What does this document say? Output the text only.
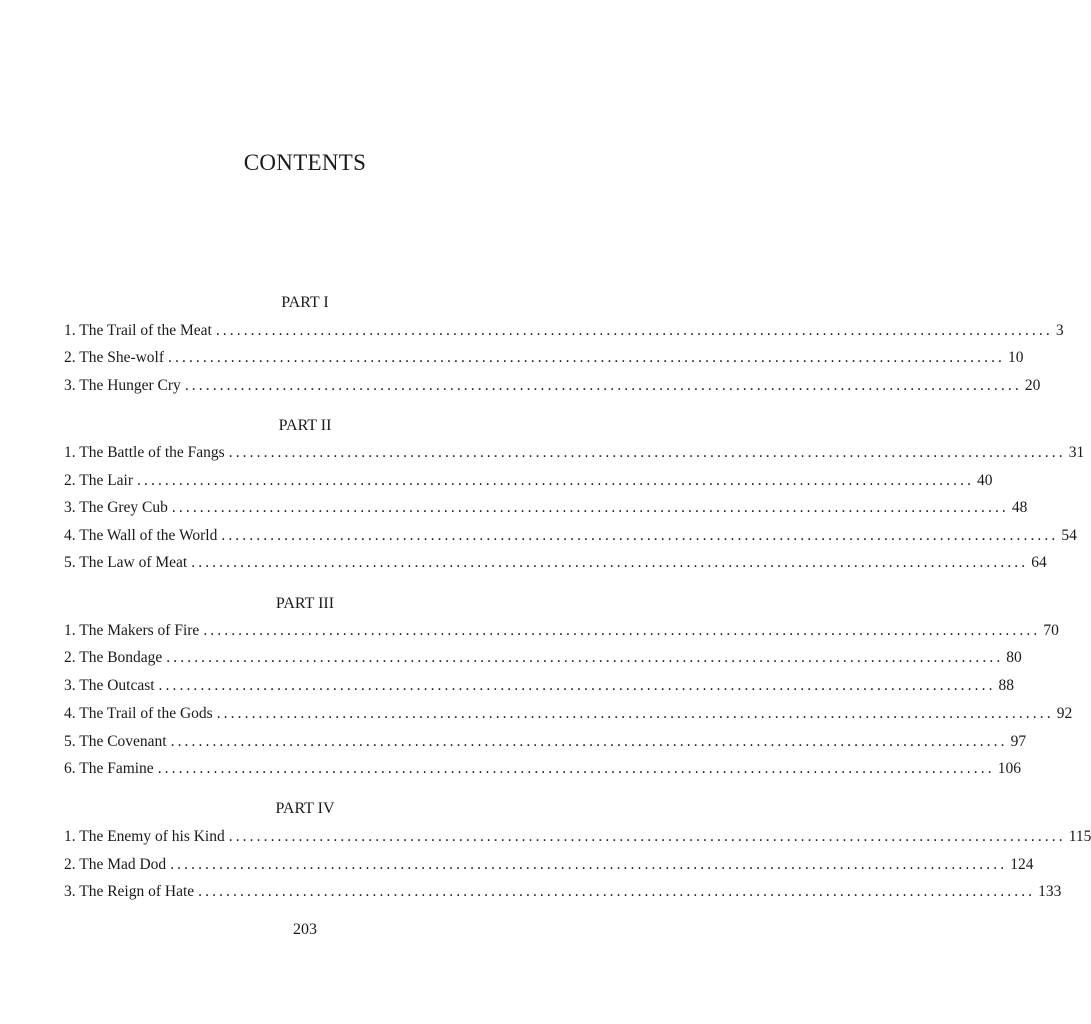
CONTENTS
PART I
1. The Trail of the Meat ........................................................................................................................ 3
2. The She-wolf ........................................................................................................................ 10
3. The Hunger Cry ........................................................................................................................ 20
PART II
1. The Battle of the Fangs ........................................................................................................................ 31
2. The Lair ........................................................................................................................ 40
3. The Grey Cub ........................................................................................................................ 48
4. The Wall of the World ........................................................................................................................ 54
5. The Law of Meat ........................................................................................................................ 64
PART III
1. The Makers of Fire ........................................................................................................................ 70
2. The Bondage ........................................................................................................................ 80
3. The Outcast ........................................................................................................................ 88
4. The Trail of the Gods ........................................................................................................................ 92
5. The Covenant ........................................................................................................................ 97
6. The Famine ........................................................................................................................ 106
PART IV
1. The Enemy of his Kind ........................................................................................................................ 115
2. The Mad Dod ........................................................................................................................ 124
3. The Reign of Hate ........................................................................................................................ 133
203
